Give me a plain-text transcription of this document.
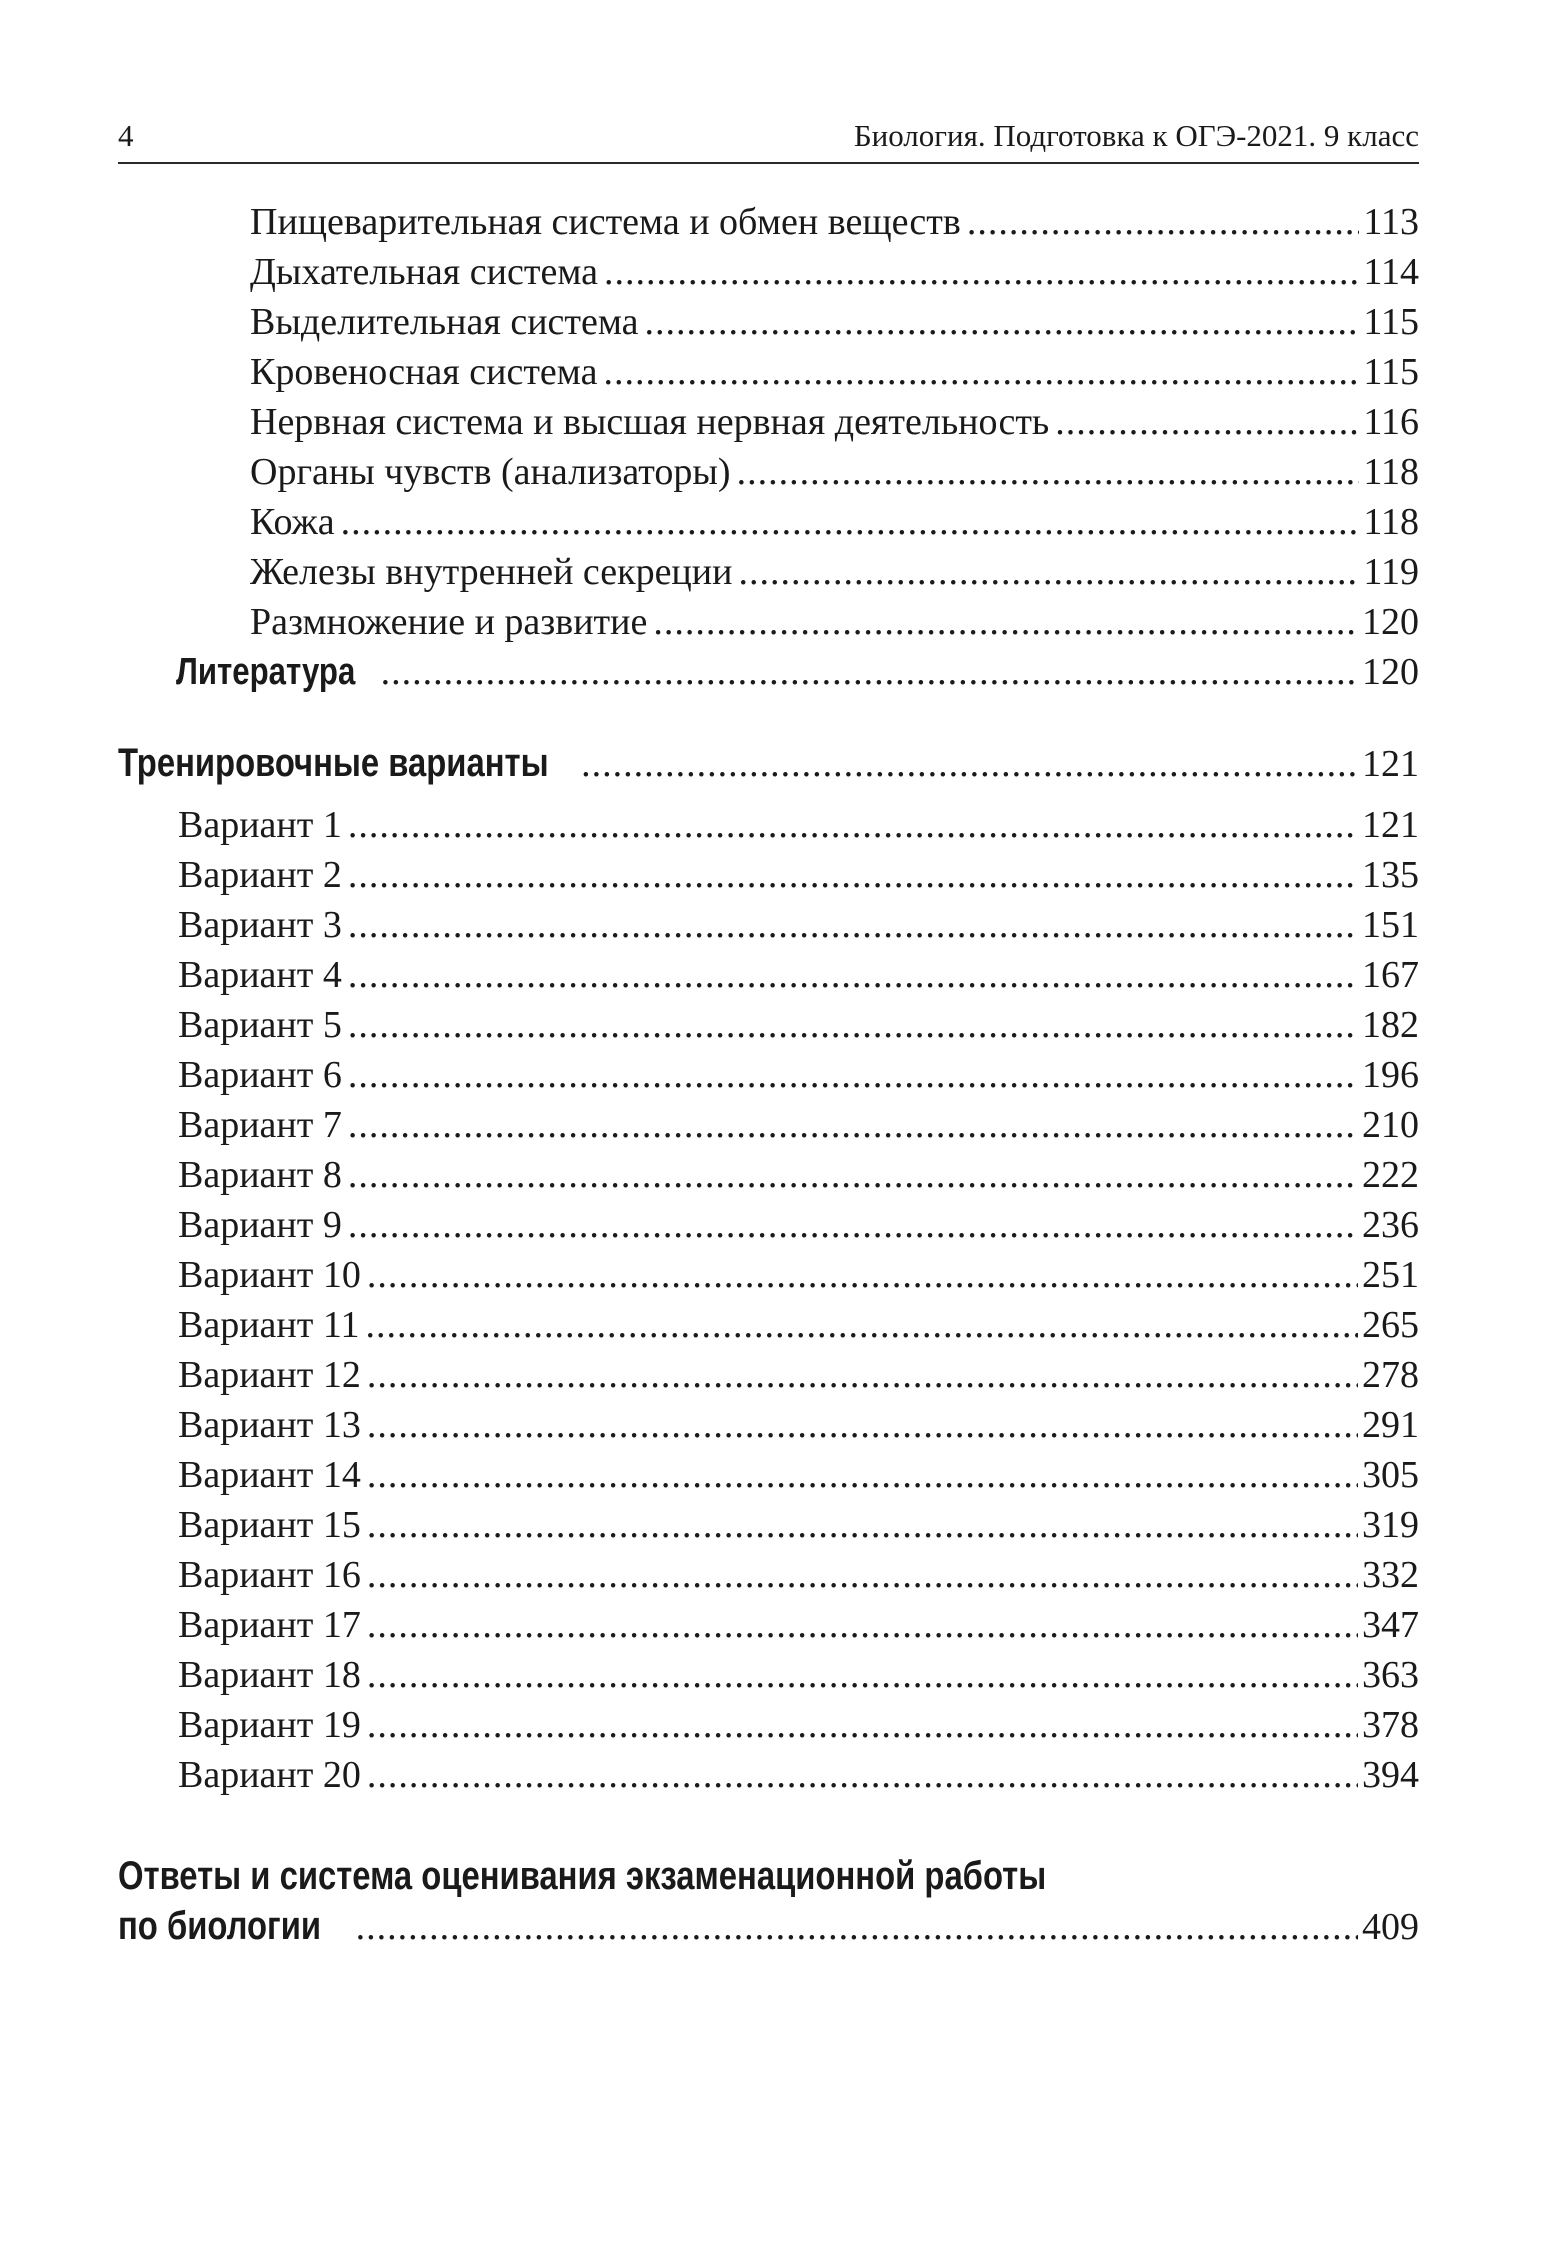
4	Биология. Подготовка к ОГЭ-2021. 9 класс
Пищеварительная система и обмен веществ .....	113
Дыхательная система .....	114
Выделительная система .....	115
Кровеносная система .....	115
Нервная система и высшая нервная деятельность .....	116
Органы чувств (анализаторы) .....	118
Кожа .....	118
Железы внутренней секреции .....	119
Размножение и развитие .....	120
Литература .....	120
Тренировочные варианты .....	121
Вариант 1 .....	121
Вариант 2 .....	135
Вариант 3 .....	151
Вариант 4 .....	167
Вариант 5 .....	182
Вариант 6 .....	196
Вариант 7 .....	210
Вариант 8 .....	222
Вариант 9 .....	236
Вариант 10 .....	251
Вариант 11 .....	265
Вариант 12 .....	278
Вариант 13 .....	291
Вариант 14 .....	305
Вариант 15 .....	319
Вариант 16 .....	332
Вариант 17 .....	347
Вариант 18 .....	363
Вариант 19 .....	378
Вариант 20 .....	394
Ответы и система оценивания экзаменационной работы
по биологии .....	409
